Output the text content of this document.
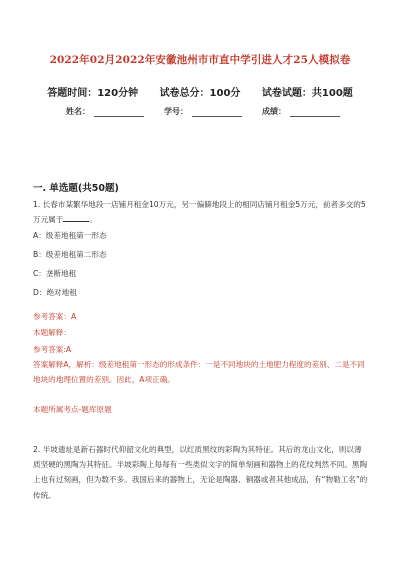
2022年02月2022年安徽池州市市直中学引进人才25人模拟卷
答题时间：120分钟 试卷总分：100分 试卷试题：共100题
姓名：	学号：	成绩：
一. 单选题(共50题)
1. 长春市某繁华地段一店铺月租金10万元，另一偏僻地段上的相同店铺月租金5万元，前者多交的5万元属于	。
A：级差地租第一形态
B：级差地租第二形态
C：垄断地租
D：绝对地租
参考答案：A
本题解释：
参考答案:A
答案解释A，解析：级差地租第一形态的形成条件：一是不同地块的土地肥力程度的差别、二是不同地块的地理位置的差别。因此，A项正确。
本题所属考点-题库原题
2. 半坡遗址是新石器时代仰韶文化的典型，以红质黑纹的彩陶为其特征。其后的龙山文化，则以薄质坚硬的黑陶为其特征。半坡彩陶上每每有一些类似文字的简单刻画和器物上的花纹判然不同。黑陶上也有过刻画，但为数不多。我国后来的器物上，无论是陶器、铜器或者其他成品，有“物勒工名”的传统。
